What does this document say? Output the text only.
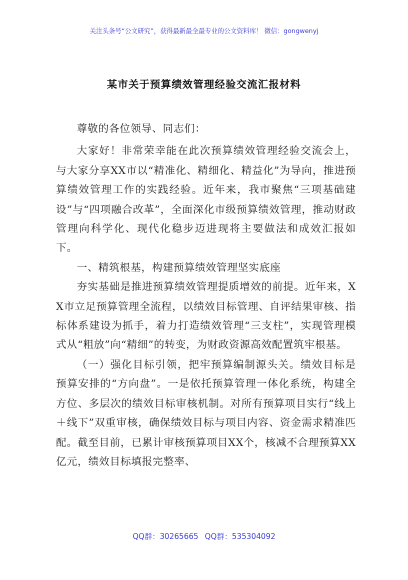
关注头条号“公文研究”，获得最新最全最专业的公文资料库！ 微信：gongwenyj
某市关于预算绩效管理经验交流汇报材料

尊敬的各位领导、同志们：

大家好！非常荣幸能在此次预算绩效管理经验交流会上，与大家分享XX市以“精准化、精细化、精益化”为导向，推进预算绩效管理工作的实践经验。近年来，我市聚焦“三项基础建设”与“四项融合改革”，全面深化市级预算绩效管理，推动财政管理向科学化、现代化稳步迈进现将主要做法和成效汇报如下。

一、精筑根基，构建预算绩效管理坚实底座

夯实基础是推进预算绩效管理提质增效的前提。近年来，XX市立足预算管理全流程，以绩效目标管理、自评结果审核、指标体系建设为抓手，着力打造绩效管理“三支柱”，实现管理模式从“粗放”向“精细”的转变，为财政资源高效配置筑牢根基。

（一）强化目标引领，把牢预算编制源头关。绩效目标是预算安排的“方向盘”。一是依托预算管理一体化系统，构建全方位、多层次的绩效目标审核机制。对所有预算项目实行“线上＋线下”双重审核，确保绩效目标与项目内容、资金需求精准匹配。截至目前，已累计审核预算项目XX个，核减不合理预算XX亿元，绩效目标填报完整率、

QQ群：30265665 QQ群：535304092
